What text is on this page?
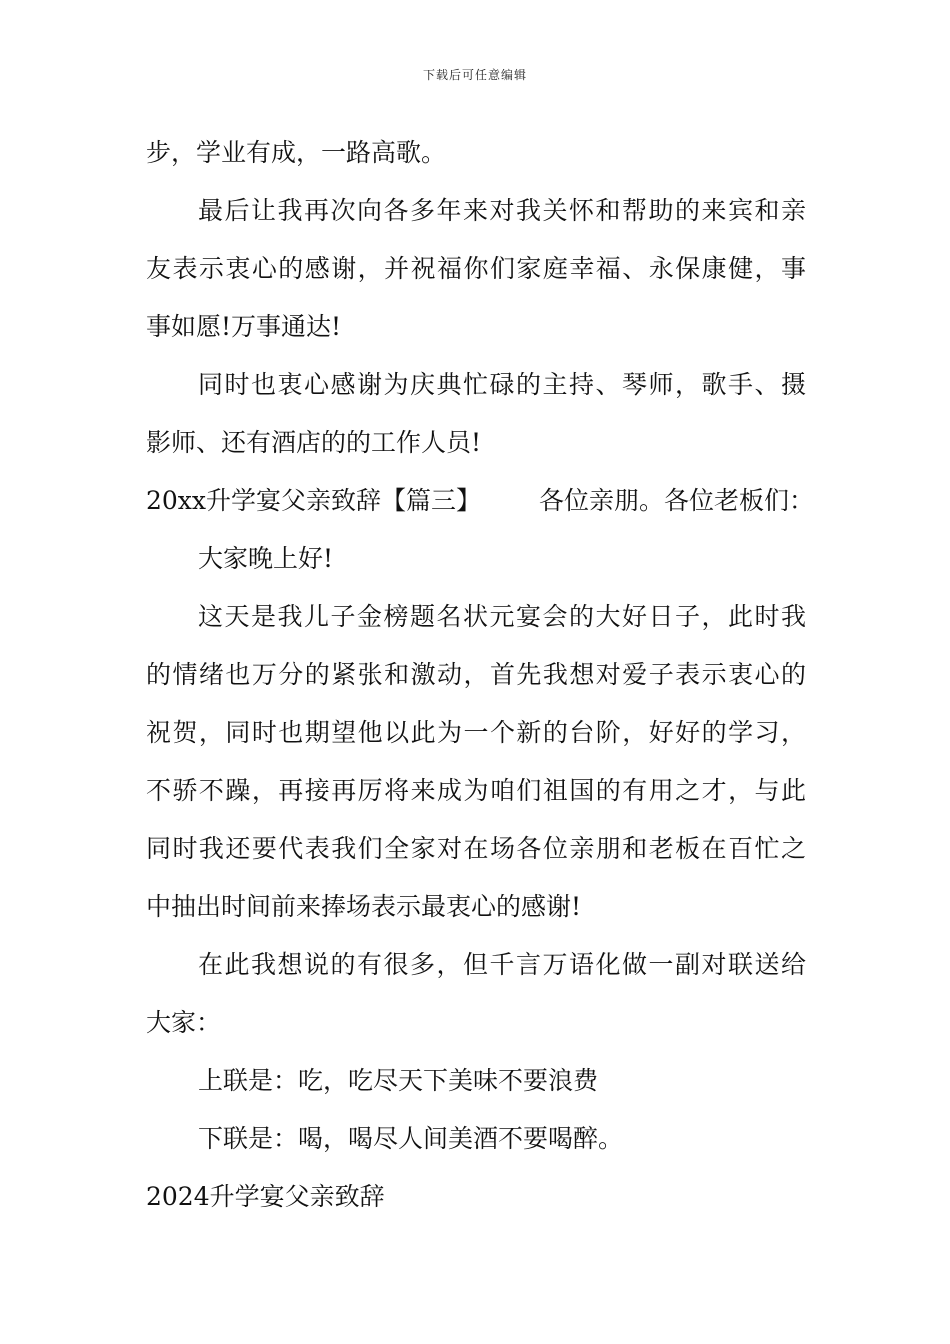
下载后可任意编辑
步，学业有成，一路高歌。
最后让我再次向各多年来对我关怀和帮助的来宾和亲
友表示衷心的感谢，并祝福你们家庭幸福、永保康健，事
事如愿!万事通达!
同时也衷心感谢为庆典忙碌的主持、琴师，歌手、摄
影师、还有酒店的的工作人员!
20xx升学宴父亲致辞【篇三】 各位亲朋。各位老板们：
大家晚上好!
这天是我儿子金榜题名状元宴会的大好日子，此时我
的情绪也万分的紧张和激动，首先我想对爱子表示衷心的
祝贺，同时也期望他以此为一个新的台阶，好好的学习，
不骄不躁，再接再厉将来成为咱们祖国的有用之才，与此
同时我还要代表我们全家对在场各位亲朋和老板在百忙之
中抽出时间前来捧场表示最衷心的感谢!
在此我想说的有很多，但千言万语化做一副对联送给
大家：
上联是：吃，吃尽天下美味不要浪费
下联是：喝，喝尽人间美酒不要喝醉。
2024升学宴父亲致辞
